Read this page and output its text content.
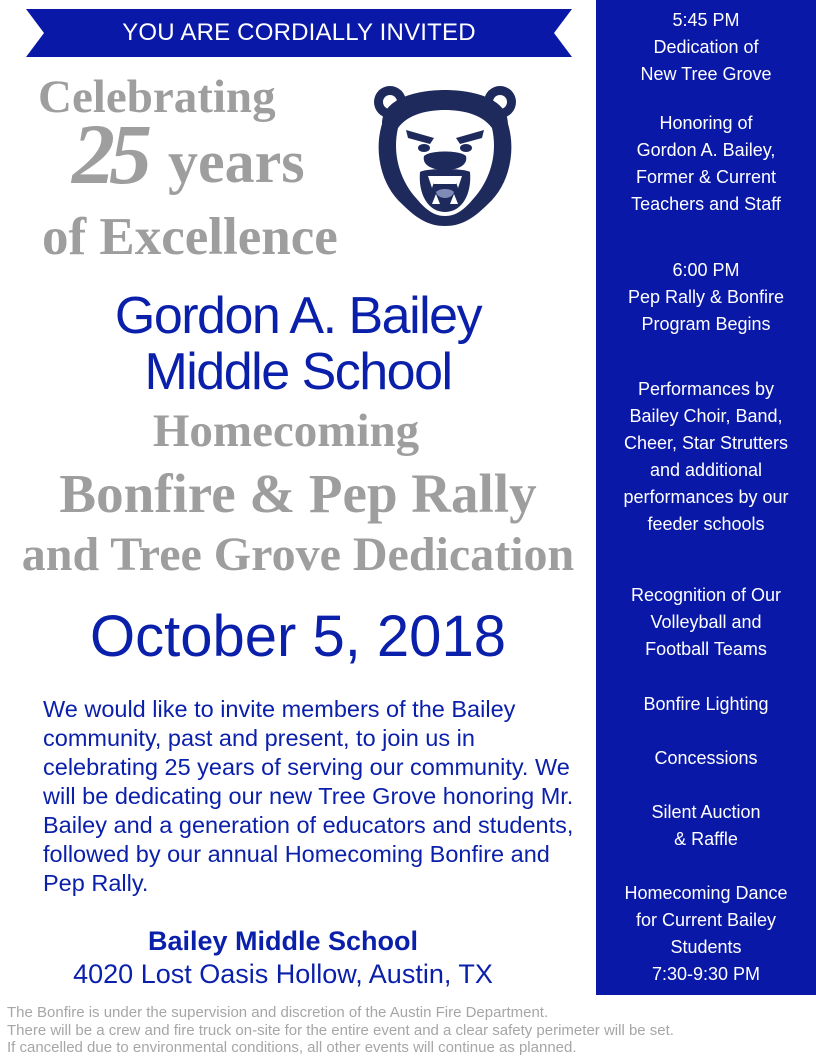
YOU ARE CORDIALLY INVITED
Celebrating
25 years
of Excellence
Gordon A. Bailey
Middle School
Homecoming
Bonfire & Pep Rally
and Tree Grove Dedication
October 5, 2018
We would like to invite members of the Bailey community, past and present, to join us in celebrating 25 years of serving our community. We will be dedicating our new Tree Grove honoring Mr. Bailey and a generation of educators and students, followed by our annual Homecoming Bonfire and Pep Rally.
Bailey Middle School
4020 Lost Oasis Hollow, Austin, TX
The Bonfire is under the supervision and discretion of the Austin Fire Department.
There will be a crew and fire truck on-site for the entire event and a clear safety perimeter will be set.
If cancelled due to environmental conditions, all other events will continue as planned.
5:45 PM
Dedication of
New Tree Grove
Honoring of
Gordon A. Bailey,
Former & Current
Teachers and Staff
6:00 PM
Pep Rally & Bonfire
Program Begins
Performances by
Bailey Choir, Band,
Cheer, Star Strutters
and additional
performances by our
feeder schools
Recognition of Our
Volleyball and
Football Teams
Bonfire Lighting
Concessions
Silent Auction
& Raffle
Homecoming Dance
for Current Bailey
Students
7:30-9:30 PM
